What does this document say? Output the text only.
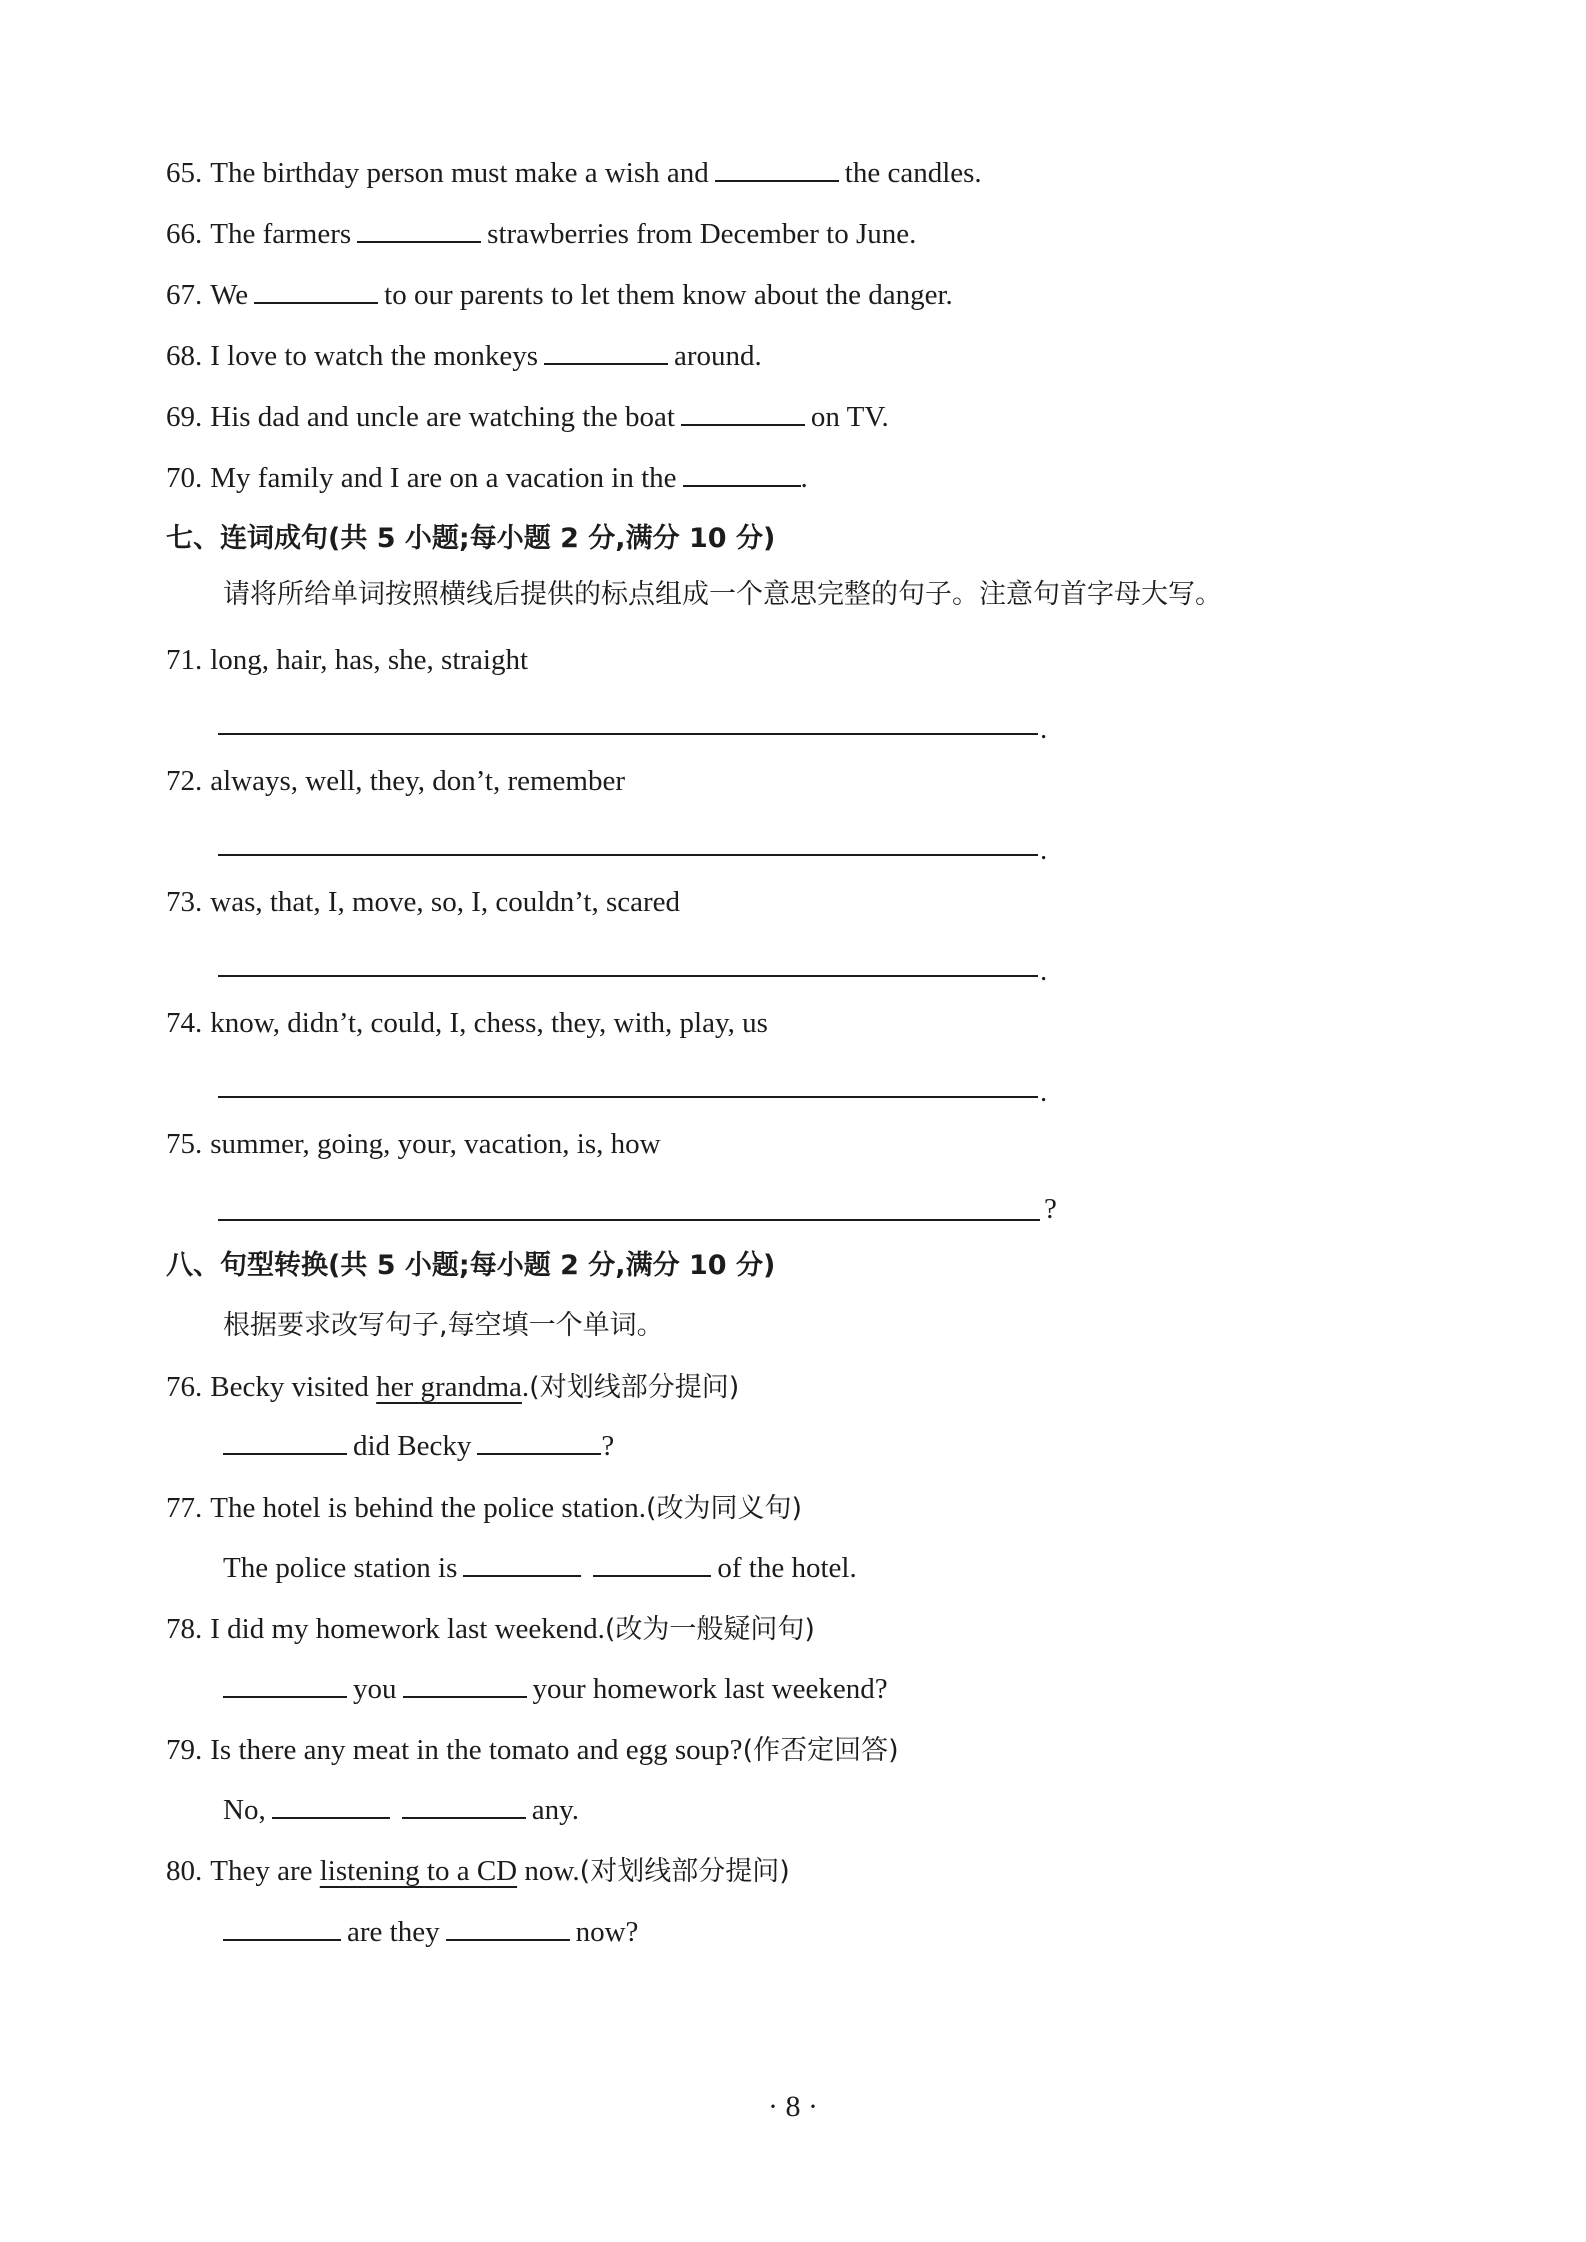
65. The birthday person must make a wish and	the candles.
66. The farmers	strawberries from December to June.
67. We	to our parents to let them know about the danger.
68. I love to watch the monkeys	around.
69. His dad and uncle are watching the boat	on TV.
70. My family and I are on a vacation in the	.
七、连词成句(共 5 小题;每小题 2 分,满分 10 分)
请将所给单词按照横线后提供的标点组成一个意思完整的句子。注意句首字母大写。
71. long, hair, has, she, straight
.
72. always, well, they, don’t, remember
.
73. was, that, I, move, so, I, couldn’t, scared
.
74. know, didn’t, could, I, chess, they, with, play, us
.
75. summer, going, your, vacation, is, how
?
八、句型转换(共 5 小题;每小题 2 分,满分 10 分)
根据要求改写句子,每空填一个单词。
76. Becky visited her grandma.(对划线部分提问)
did Becky	?
77. The hotel is behind the police station.(改为同义句)
The police station is	of the hotel.
78. I did my homework last weekend.(改为一般疑问句)
you	your homework last weekend?
79. Is there any meat in the tomato and egg soup?(作否定回答)
No,	any.
80. They are listening to a CD now.(对划线部分提问)
are they	now?
· 8 ·
